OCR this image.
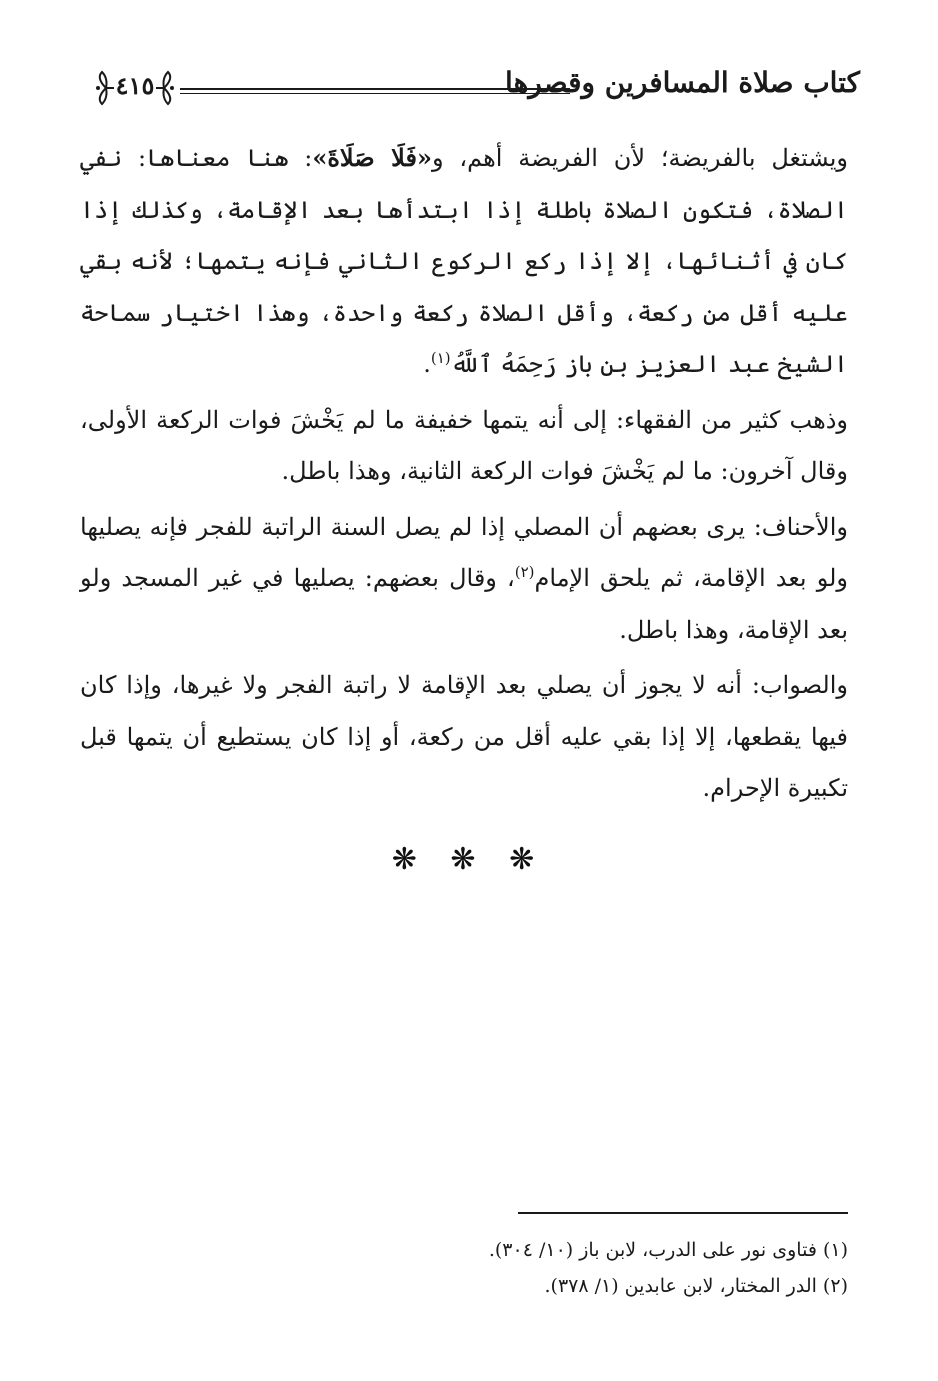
كتاب صلاة المسافرين وقصرها
٤١٥

ويشتغل بالفريضة؛ لأن الفريضة أهم، و«فَلَا صَلَاةَ»: هنا معناها: نفي الصلاة، فتكون الصلاة باطلة إذا ابتدأها بعد الإقامة، وكذلك إذا كان في أثنائها، إلا إذا ركع الركوع الثاني فإنه يتمها؛ لأنه بقي عليه أقل من ركعة، وأقل الصلاة ركعة واحدة، وهذا اختيار سماحة الشيخ عبد العزيز بن باز رَحِمَهُ ٱللَّهُ$^{(١)}$.

وذهب كثير من الفقهاء: إلى أنه يتمها خفيفة ما لم يَخْشَ فوات الركعة الأولى، وقال آخرون: ما لم يَخْشَ فوات الركعة الثانية، وهذا باطل.

والأحناف: يرى بعضهم أن المصلي إذا لم يصل السنة الراتبة للفجر فإنه يصليها ولو بعد الإقامة، ثم يلحق الإمام$^{(٢)}$، وقال بعضهم: يصليها في غير المسجد ولو بعد الإقامة، وهذا باطل.

والصواب: أنه لا يجوز أن يصلي بعد الإقامة لا راتبة الفجر ولا غيرها، وإذا كان فيها يقطعها، إلا إذا بقي عليه أقل من ركعة، أو إذا كان يستطيع أن يتمها قبل تكبيرة الإحرام.

❋ ❋ ❋

(١) فتاوى نور على الدرب، لابن باز (١٠/ ٣٠٤).

(٢) الدر المختار، لابن عابدين (١/ ٣٧٨).
